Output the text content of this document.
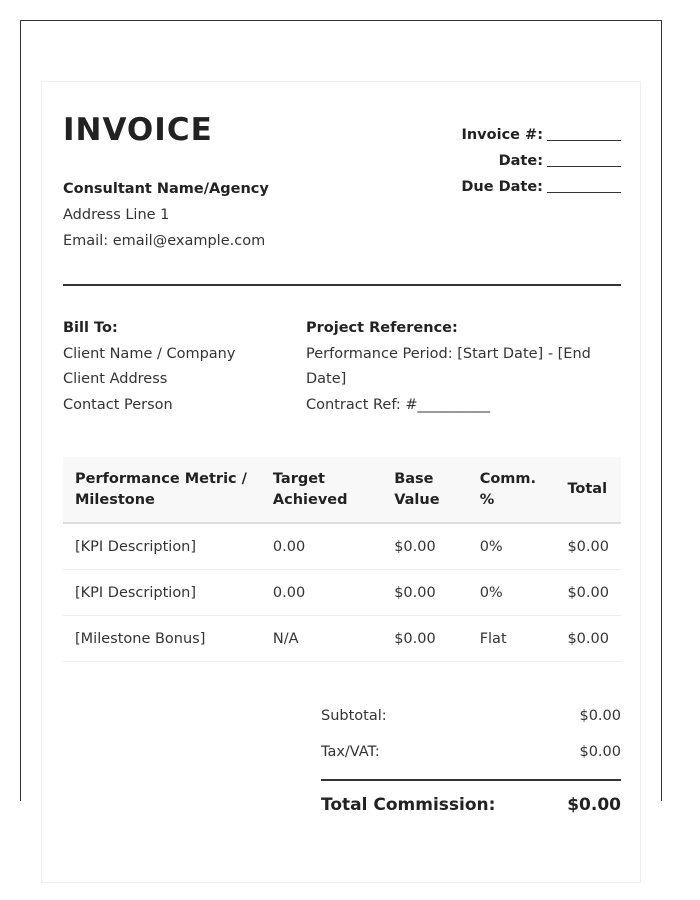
INVOICE
Consultant Name/Agency
Address Line 1
Email: email@example.com
Invoice #:
Date:
Due Date:
Bill To:
Client Name / Company
Client Address
Contact Person
Project Reference:
Performance Period: [Start Date] - [End Date]
Contract Ref: #__________
Performance Metric / Milestone	Target Achieved	Base Value	Comm. %	Total
[KPI Description]	0.00	$0.00	0%	$0.00
[KPI Description]	0.00	$0.00	0%	$0.00
[Milestone Bonus]	N/A	$0.00	Flat	$0.00
Subtotal:	$0.00
Tax/VAT:	$0.00
Total Commission:	$0.00
